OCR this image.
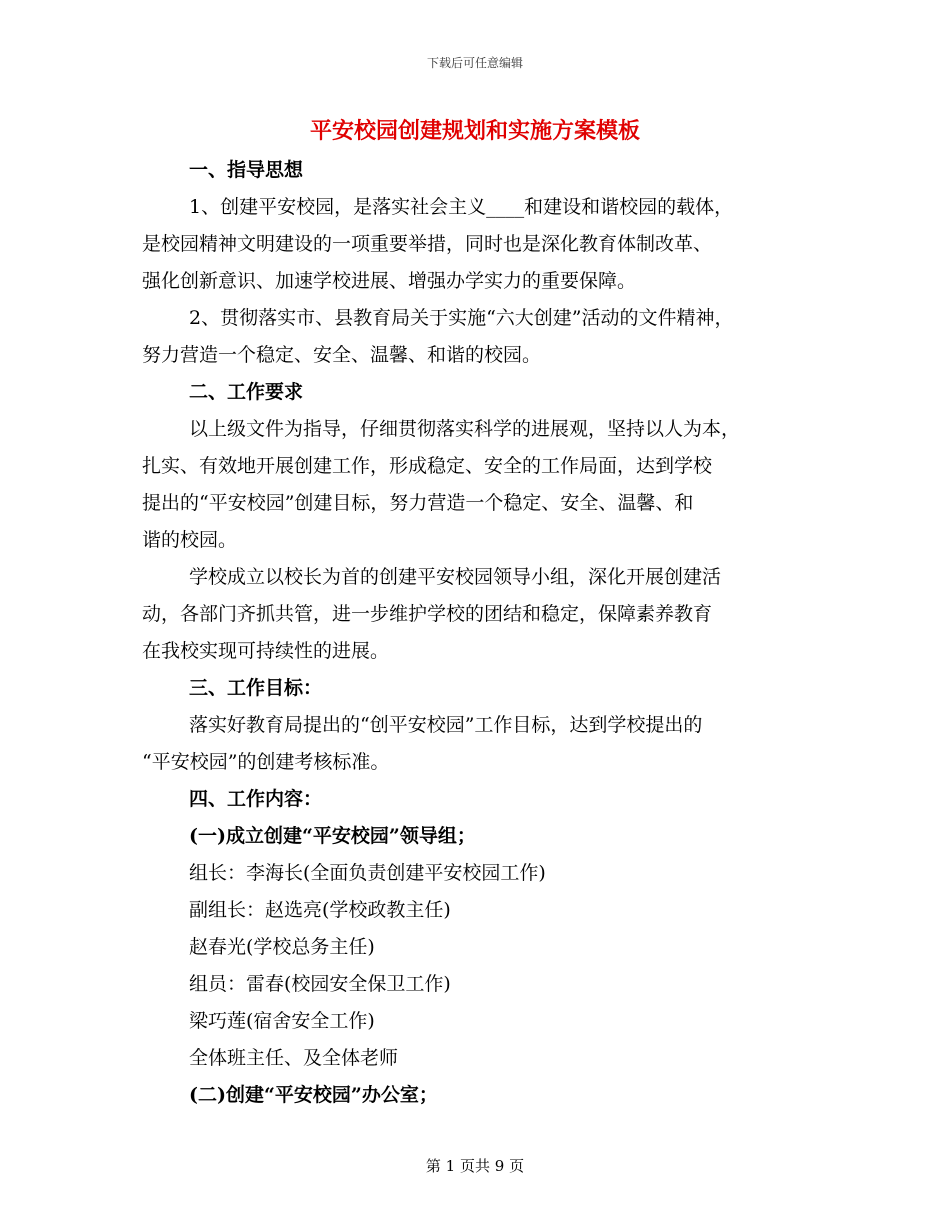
下载后可任意编辑
平安校园创建规划和实施方案模板
一、指导思想
1、创建平安校园，是落实社会主义____和建设和谐校园的载体，
是校园精神文明建设的一项重要举措，同时也是深化教育体制改革、
强化创新意识、加速学校进展、增强办学实力的重要保障。
2、贯彻落实市、县教育局关于实施“六大创建”活动的文件精神，
努力营造一个稳定、安全、温馨、和谐的校园。
二、工作要求
以上级文件为指导，仔细贯彻落实科学的进展观，坚持以人为本，
扎实、有效地开展创建工作，形成稳定、安全的工作局面，达到学校
提出的“平安校园”创建目标，努力营造一个稳定、安全、温馨、和
谐的校园。
学校成立以校长为首的创建平安校园领导小组，深化开展创建活
动，各部门齐抓共管，进一步维护学校的团结和稳定，保障素养教育
在我校实现可持续性的进展。
三、工作目标：
落实好教育局提出的“创平安校园”工作目标，达到学校提出的
“平安校园”的创建考核标准。
四、工作内容：
(一)成立创建“平安校园”领导组；
组长：李海长(全面负责创建平安校园工作)
副组长：赵选亮(学校政教主任)
赵春光(学校总务主任)
组员：雷春(校园安全保卫工作)
梁巧莲(宿舍安全工作)
全体班主任、及全体老师
(二)创建“平安校园”办公室；
第 1 页共 9 页
